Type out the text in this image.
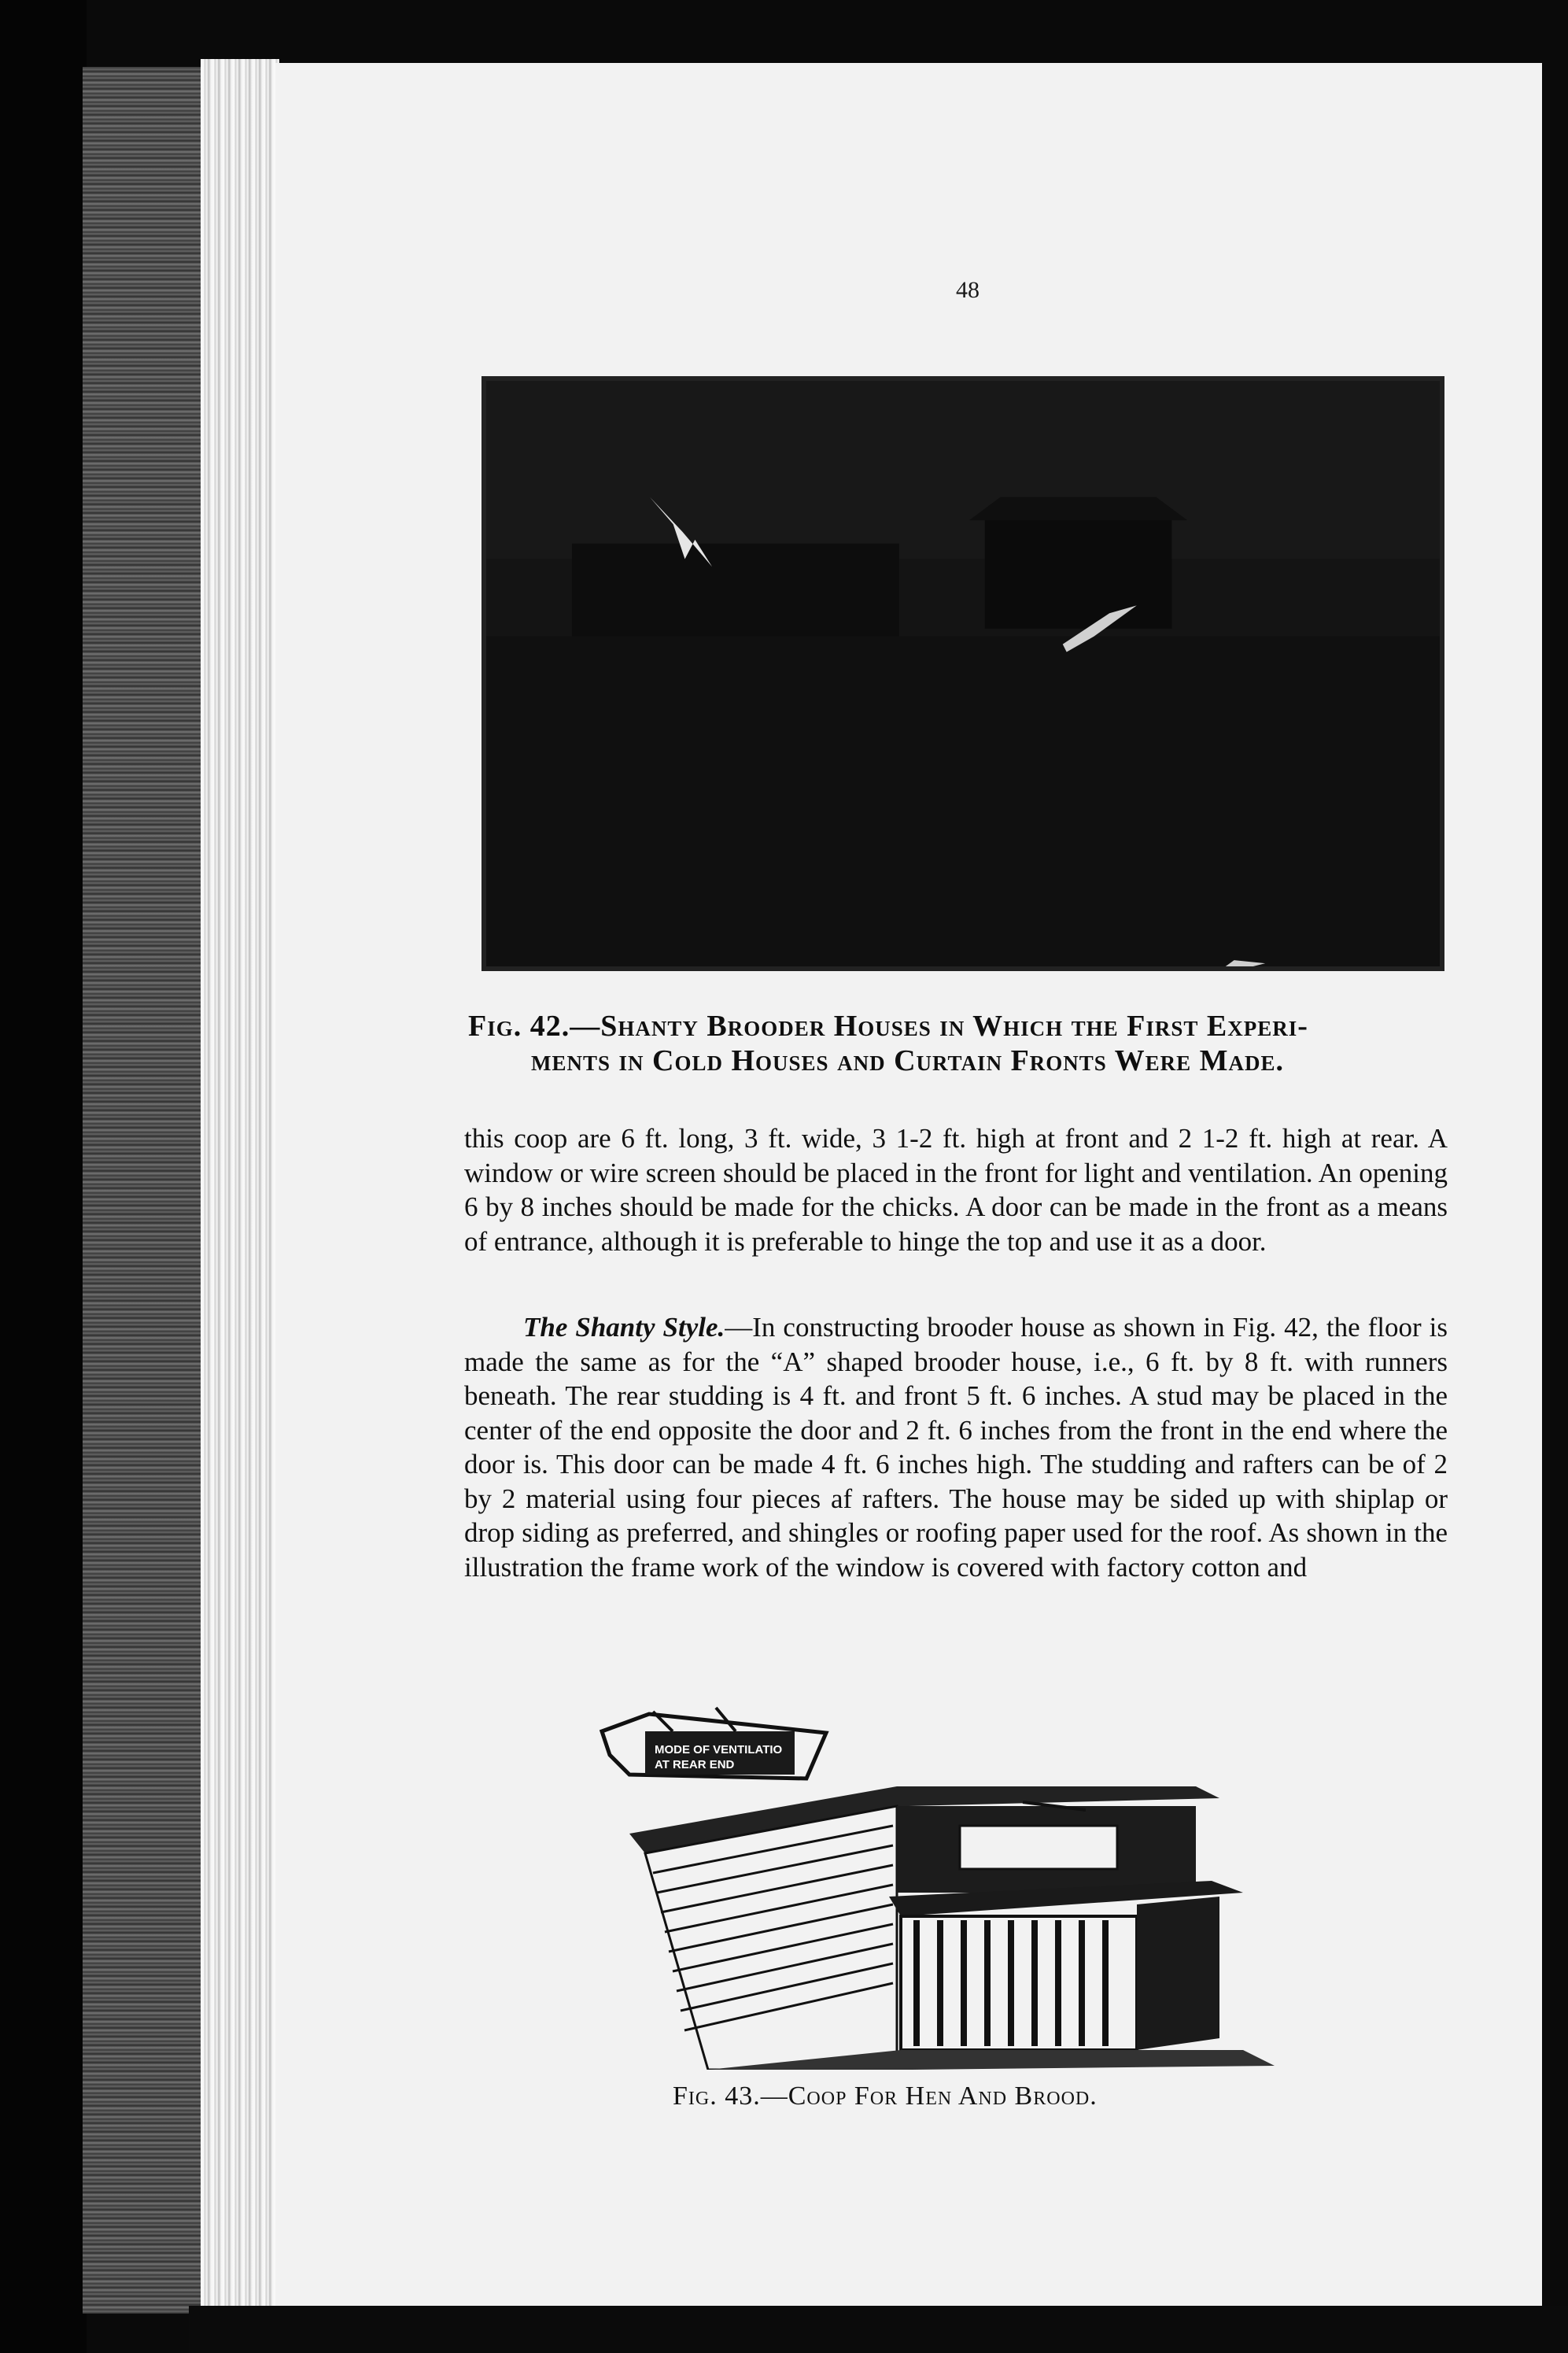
48
Fig. 42.—Shanty Brooder Houses in Which the First Experi-
ments in Cold Houses and Curtain Fronts Were Made.
this coop are 6 ft. long, 3 ft. wide, 3 1-2 ft. high at front and 2 1-2 ft. high at rear. A window or wire screen should be placed in the front for light and ventilation. An opening 6 by 8 inches should be made for the chicks. A door can be made in the front as a means of entrance, although it is preferable to hinge the top and use it as a door.
The Shanty Style.—In constructing brooder house as shown in Fig. 42, the floor is made the same as for the “A” shaped brooder house, i.e., 6 ft. by 8 ft. with runners beneath. The rear studding is 4 ft. and front 5 ft. 6 inches. A stud may be placed in the center of the end opposite the door and 2 ft. 6 inches from the front in the end where the door is. This door can be made 4 ft. 6 inches high. The studding and rafters can be of 2 by 2 material using four pieces af rafters. The house may be sided up with shiplap or drop siding as preferred, and shingles or roofing paper used for the roof. As shown in the illustration the frame work of the window is covered with factory cotton and
MODE OF VENTILATIO
AT REAR END
Fig. 43.—Coop For Hen And Brood.
